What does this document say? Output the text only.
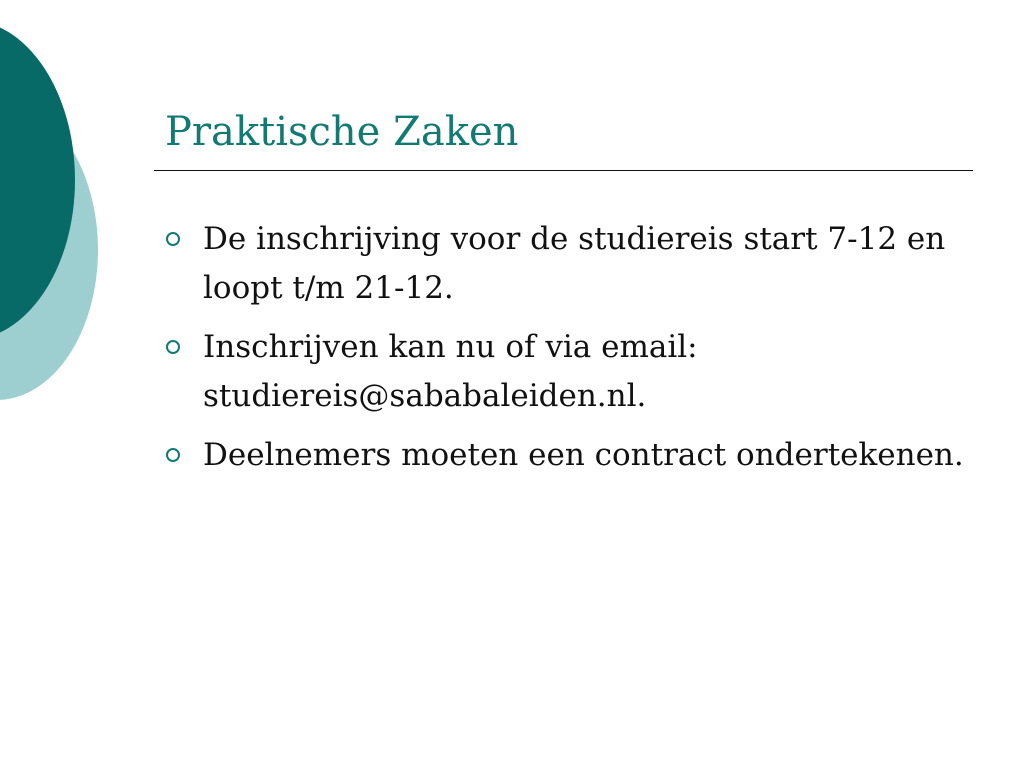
Praktische Zaken
De inschrijving voor de studiereis start 7-12 en loopt t/m 21-12.
Inschrijven kan nu of via email: studiereis@sababaleiden.nl.
Deelnemers moeten een contract ondertekenen.
